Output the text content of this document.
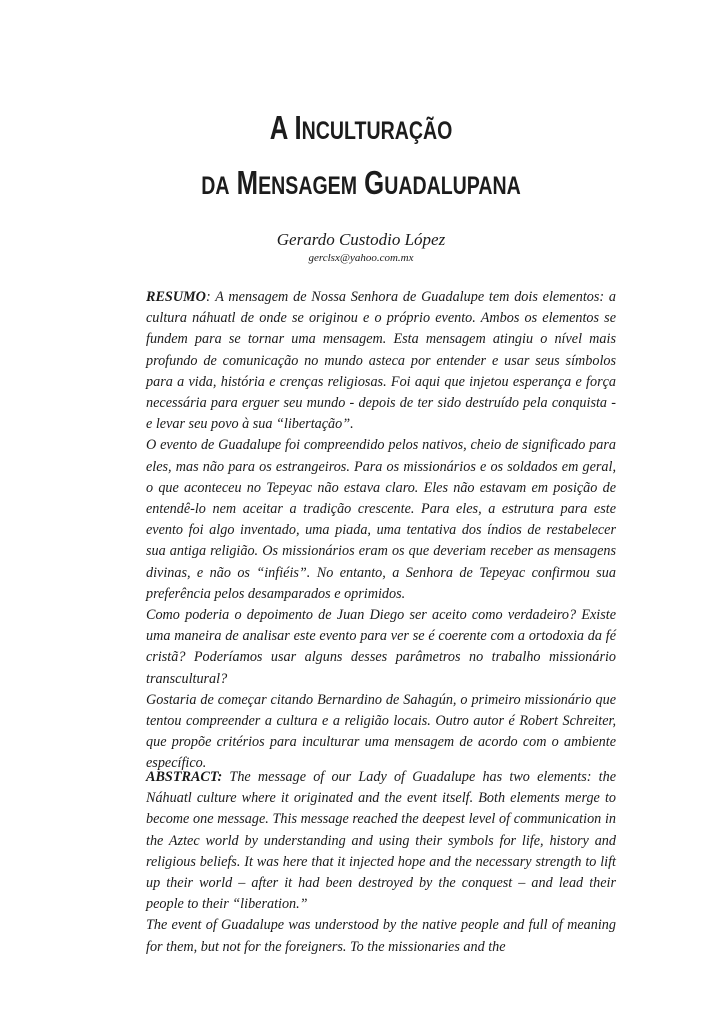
A INCULTURAÇÃO
DA MENSAGEM GUADALUPANA
Gerardo Custodio López
gerclsx@yahoo.com.mx

RESUMO: A mensagem de Nossa Senhora de Guadalupe tem dois elementos: a cultura náhuatl de onde se originou e o próprio evento. Ambos os elementos se fundem para se tornar uma mensagem. Esta mensagem atingiu o nível mais profundo de comunicação no mundo asteca por entender e usar seus símbolos para a vida, história e crenças religiosas. Foi aqui que injetou esperança e força necessária para erguer seu mundo - depois de ter sido destruído pela conquista - e levar seu povo à sua “libertação”.

O evento de Guadalupe foi compreendido pelos nativos, cheio de significado para eles, mas não para os estrangeiros. Para os missionários e os soldados em geral, o que aconteceu no Tepeyac não estava claro. Eles não estavam em posição de entendê-lo nem aceitar a tradição crescente. Para eles, a estrutura para este evento foi algo inventado, uma piada, uma tentativa dos índios de restabelecer sua antiga religião. Os missionários eram os que deveriam receber as mensagens divinas, e não os “infiéis”. No entanto, a Senhora de Tepeyac confirmou sua preferência pelos desamparados e oprimidos.

Como poderia o depoimento de Juan Diego ser aceito como verdadeiro? Existe uma maneira de analisar este evento para ver se é coerente com a ortodoxia da fé cristã? Poderíamos usar alguns desses parâmetros no trabalho missionário transcultural?

Gostaria de começar citando Bernardino de Sahagún, o primeiro missionário que tentou compreender a cultura e a religião locais. Outro autor é Robert Schreiter, que propõe critérios para inculturar uma mensagem de acordo com o ambiente específico.

ABSTRACT: The message of our Lady of Guadalupe has two elements: the Náhuatl culture where it originated and the event itself. Both elements merge to become one message. This message reached the deepest level of communication in the Aztec world by understanding and using their symbols for life, history and religious beliefs. It was here that it injected hope and the necessary strength to lift up their world – after it had been destroyed by the conquest – and lead their people to their “liberation.”

The event of Guadalupe was understood by the native people and full of meaning for them, but not for the foreigners. To the missionaries and the
